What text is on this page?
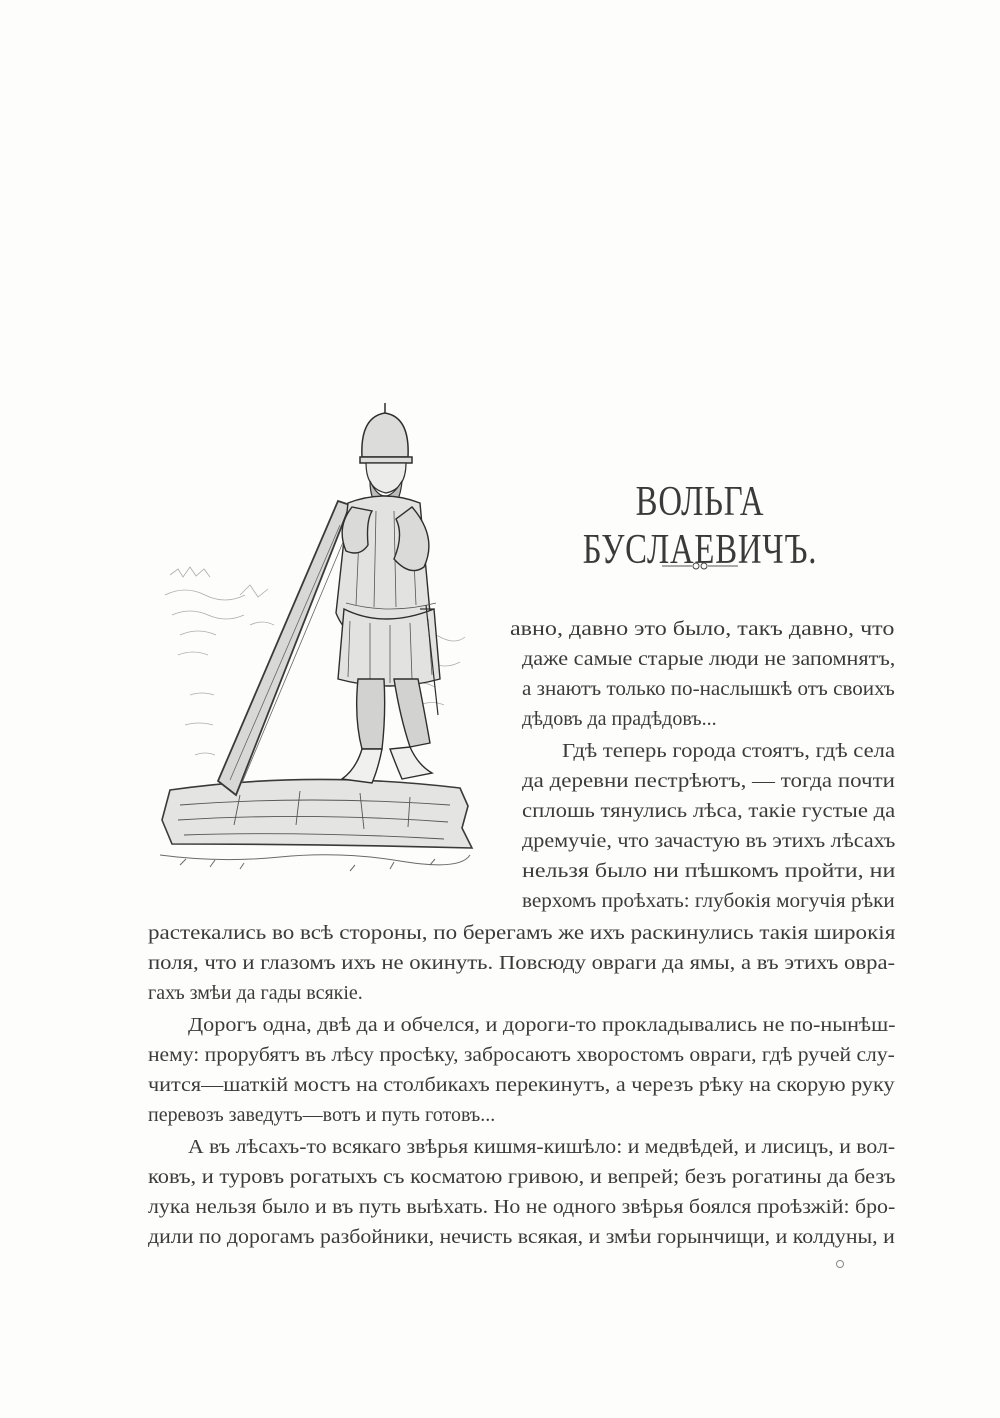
ВОЛЬГА БУСЛАЕВИЧЪ.
авно, давно это было, такъ давно, что
даже самые старые люди не запомнятъ,
а знаютъ только по-наслышкѣ отъ своихъ
дѣдовъ да прадѣдовъ...
Гдѣ теперь города стоятъ, гдѣ села
да деревни пестрѣютъ, — тогда почти
сплошь тянулись лѣса, такіе густые да
дремучіе, что зачастую въ этихъ лѣсахъ
нельзя было ни пѣшкомъ пройти, ни
верхомъ проѣхать: глубокія могучія рѣки
растекались во всѣ стороны, по берегамъ же ихъ раскинулись такія широкія
поля, что и глазомъ ихъ не окинуть. Повсюду овраги да ямы, а въ этихъ овра-
гахъ змѣи да гады всякіе.
Дорогъ одна, двѣ да и обчелся, и дороги-то прокладывались не по-нынѣш-
нему: прорубятъ въ лѣсу просѣку, забросаютъ хворостомъ овраги, гдѣ ручей слу-
чится—шаткій мостъ на столбикахъ перекинутъ, а черезъ рѣку на скорую руку
перевозъ заведутъ—вотъ и путь готовъ...
А въ лѣсахъ-то всякаго звѣрья кишмя-кишѣло: и медвѣдей, и лисицъ, и вол-
ковъ, и туровъ рогатыхъ съ косматою гривою, и вепрей; безъ рогатины да безъ
лука нельзя было и въ путь выѣхать. Но не одного звѣрья боялся проѣзжій: бро-
дили по дорогамъ разбойники, нечисть всякая, и змѣи горынчищи, и колдуны, и
